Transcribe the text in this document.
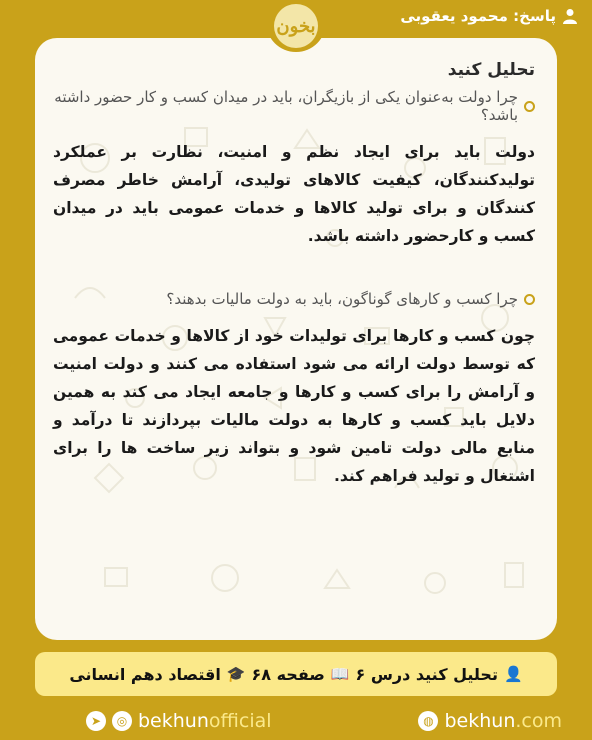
پاسخ: محمود یعقوبی
بخون
تحلیل کنید
چرا دولت به‌عنوان یکی از بازیگران، باید در میدان کسب و کار حضور داشته باشد؟
دولت باید برای ایجاد نظم و امنیت، نظارت بر عملکرد تولیدکنندگان، کیفیت کالاهای تولیدی، آرامش خاطر مصرف کنندگان و برای تولید کالاها و خدمات عمومی باید در میدان کسب و کارحضور داشته باشد.
چرا کسب و کارهای گوناگون، باید به دولت مالیات بدهند؟
چون کسب و کارها برای تولیدات خود از کالاها و خدمات عمومی که توسط دولت ارائه می شود استفاده می کنند و دولت امنیت و آرامش را برای کسب و کارها و جامعه ایجاد می کند به همین دلایل باید کسب و کارها به دولت مالیات بپردازند تا درآمد و منابع مالی دولت تامین شود و بتواند زیر ساخت ها را برای اشتغال و تولید فراهم کند.
👤
تحلیل کنید درس ۶
📖
صفحه ۶۸
🎓
اقتصاد دهم انسانی
➤	◎ bekhunofficial	◍ bekhun.com
